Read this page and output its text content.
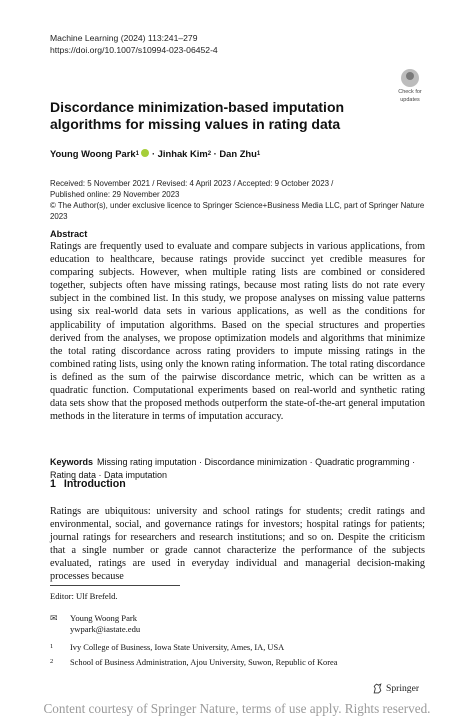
Machine Learning (2024) 113:241–279
https://doi.org/10.1007/s10994-023-06452-4
Check for
updates
Discordance minimization-based imputation algorithms for missing values in rating data
Young Woong Park 1 ·
Jinhak Kim 2
·
Dan Zhu 1
Received: 5 November 2021 / Revised: 4 April 2023 / Accepted: 9 October 2023 /
Published online: 29 November 2023
© The Author(s), under exclusive licence to Springer Science+Business Media LLC, part of Springer Nature 2023
Abstract
Ratings are frequently used to evaluate and compare subjects in various applications, from education to healthcare, because ratings provide succinct yet credible measures for comparing subjects. However, when multiple rating lists are combined or considered together, subjects often have missing ratings, because most rating lists do not rate every subject in the combined list. In this study, we propose analyses on missing value patterns using six real-world data sets in various applications, as well as the conditions for applicability of imputation algorithms. Based on the special structures and properties derived from the analyses, we propose optimization models and algorithms that minimize the total rating discordance across rating providers to impute missing ratings in the combined rating lists, using only the known rating information. The total rating discordance is defined as the sum of the pairwise discordance metric, which can be written as a quadratic function. Computational experiments based on real-world and synthetic rating data sets show that the proposed methods outperform the state-of-the-art general imputation methods in the literature in terms of imputation accuracy.
Keywords Missing rating imputation · Discordance minimization · Quadratic programming · Rating data · Data imputation
1 Introduction
Ratings are ubiquitous: university and school ratings for students; credit ratings and environmental, social, and governance ratings for investors; hospital ratings for patients; journal ratings for researchers and research institutions; and so on. Despite the criticism that a single number or grade cannot characterize the performance of the subjects evaluated, ratings are used in everyday individual and managerial decision-making processes because
Editor: Ulf Brefeld.
✉	Young Woong Park
ywpark@iastate.edu
1	Ivy College of Business, Iowa State University, Ames, IA, USA
2	School of Business Administration, Ajou University, Suwon, Republic of Korea
Springer
Content courtesy of Springer Nature, terms of use apply. Rights reserved.
